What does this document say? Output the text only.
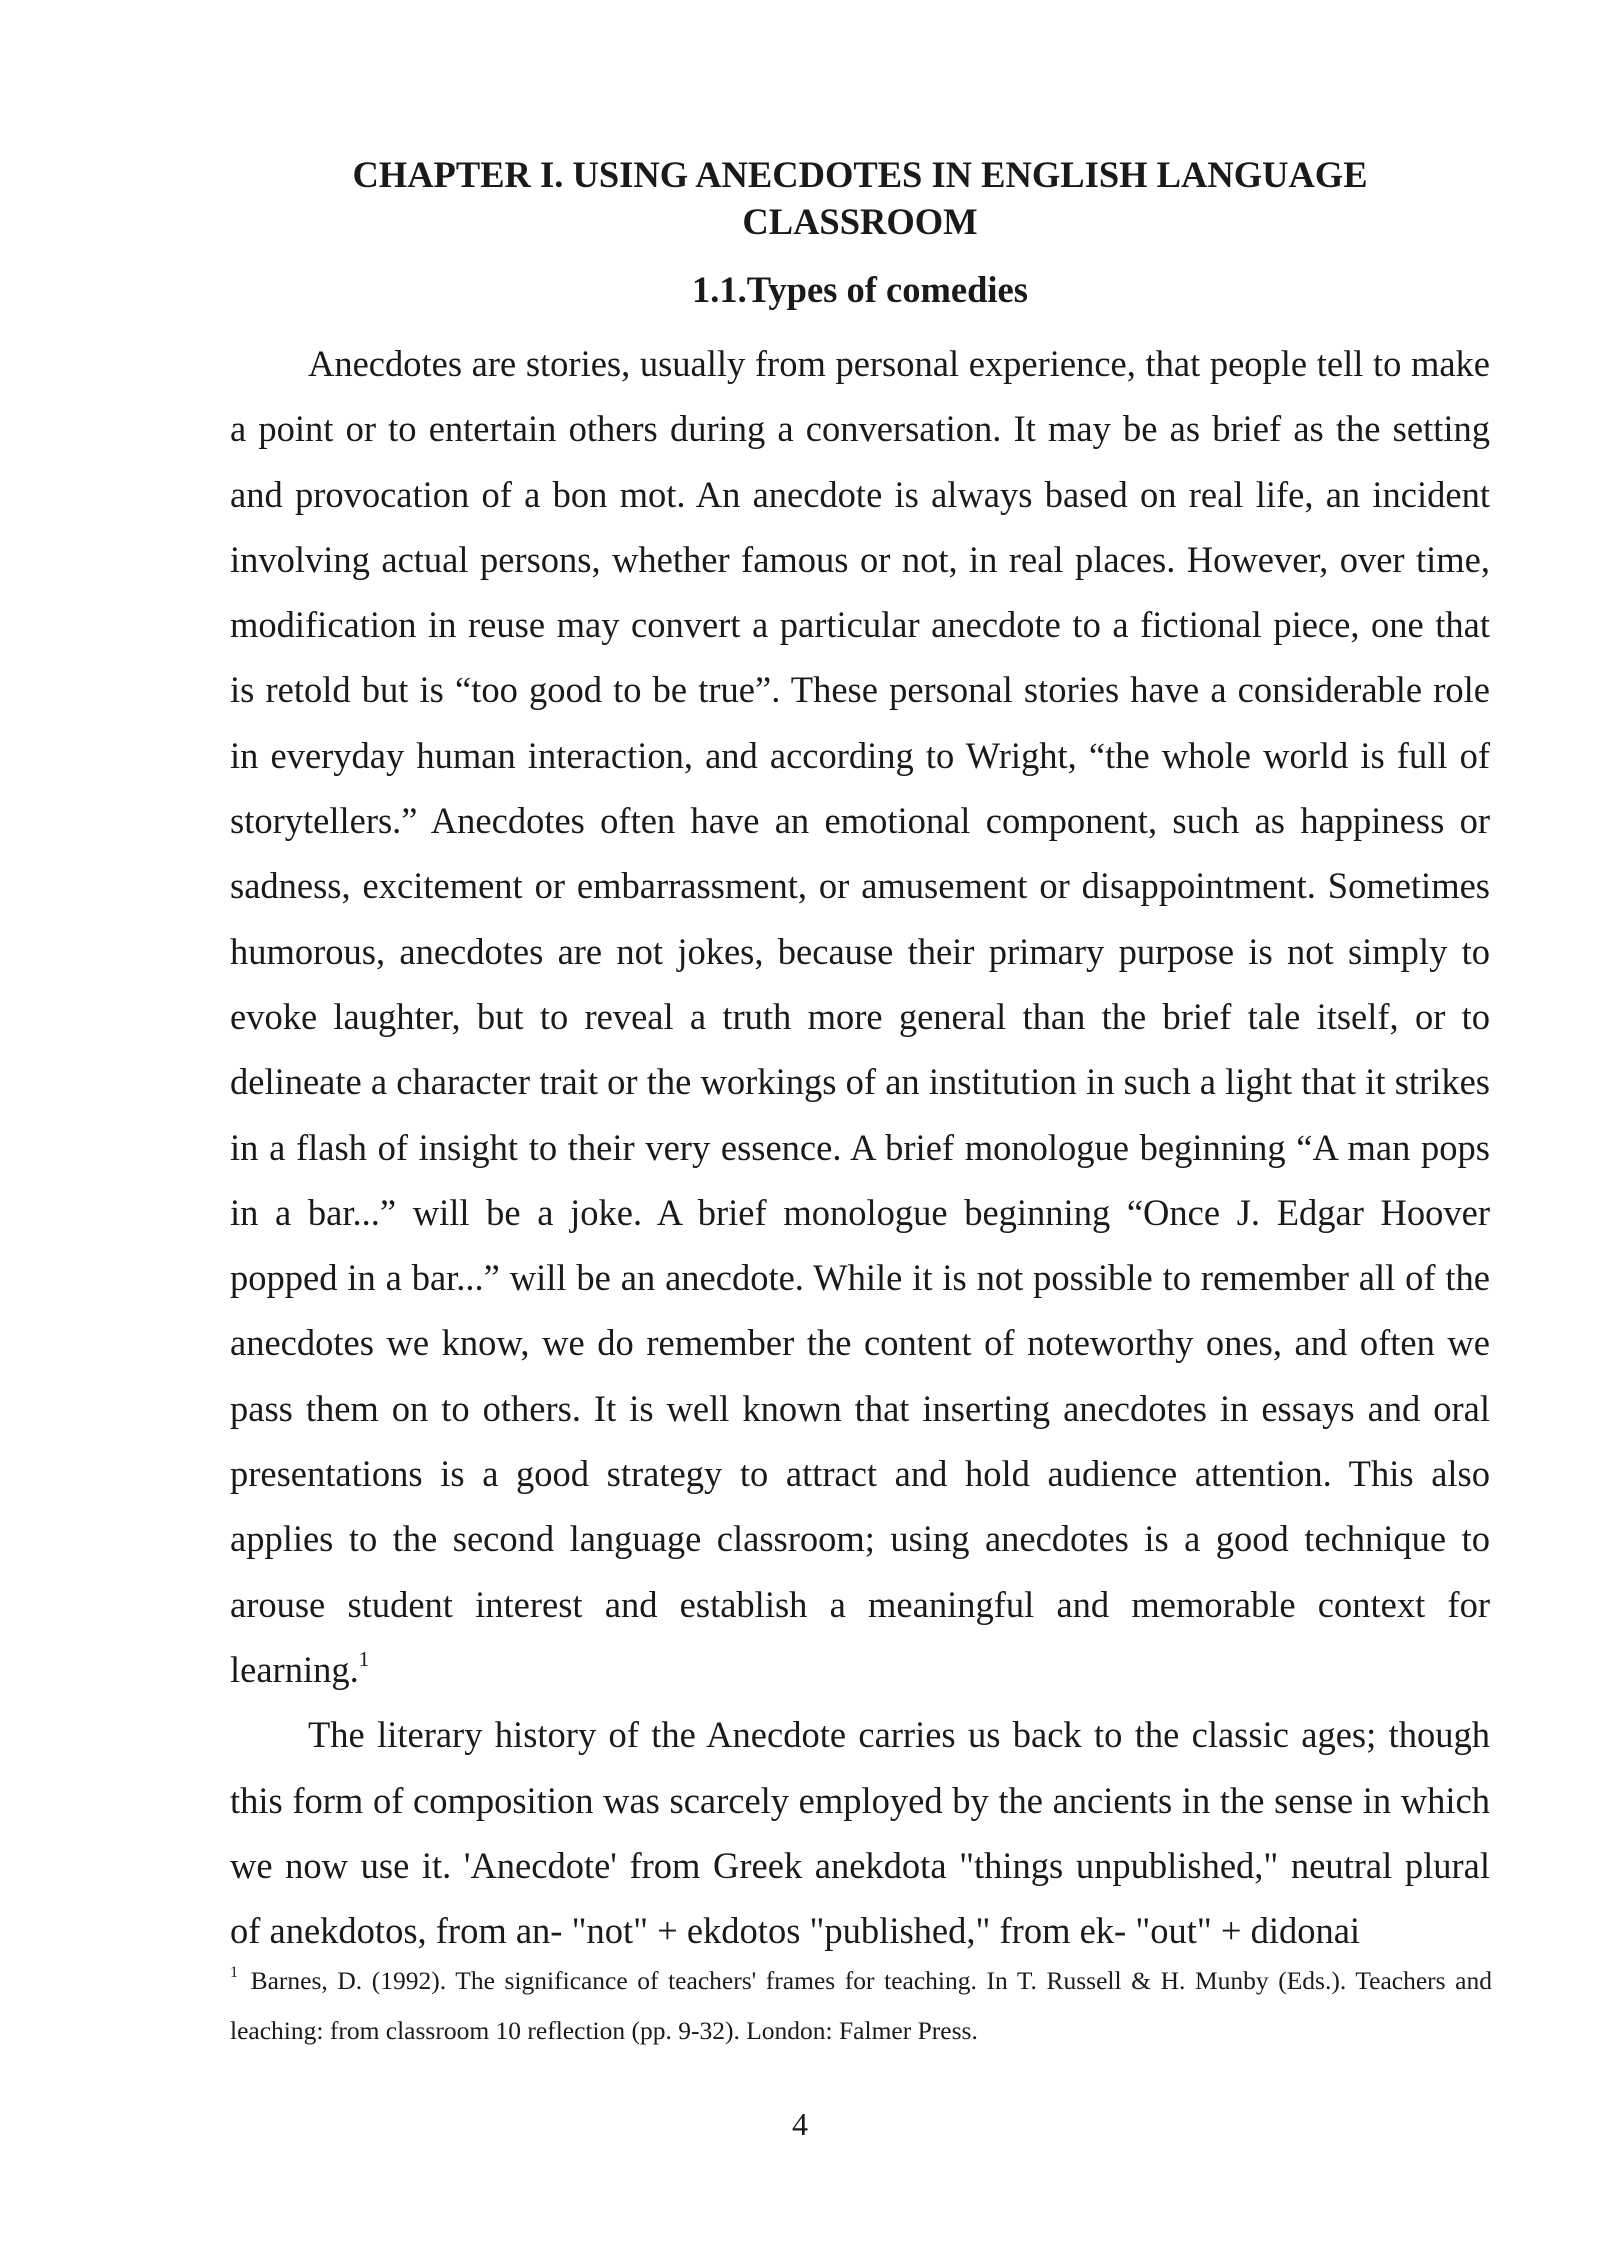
CHAPTER I. USING ANECDOTES IN ENGLISH LANGUAGE CLASSROOM
1.1.Types of comedies

Anecdotes are stories, usually from personal experience, that people tell to make a point or to entertain others during a conversation. It may be as brief as the setting and provocation of a bon mot. An anecdote is always based on real life, an incident involving actual persons, whether famous or not, in real places. However, over time, modification in reuse may convert a particular anecdote to a fictional piece, one that is retold but is “too good to be true”. These personal stories have a considerable role in everyday human interaction, and according to Wright, “the whole world is full of storytellers.” Anecdotes often have an emotional component, such as happiness or sadness, excitement or embarrassment, or amusement or disappointment. Sometimes humorous, anecdotes are not jokes, because their primary purpose is not simply to evoke laughter, but to reveal a truth more general than the brief tale itself, or to delineate a character trait or the workings of an institution in such a light that it strikes in a flash of insight to their very essence. A brief monologue beginning “A man pops in a bar...” will be a joke. A brief monologue beginning “Once J. Edgar Hoover popped in a bar...” will be an anecdote. While it is not possible to remember all of the anecdotes we know, we do remember the content of noteworthy ones, and often we pass them on to others. It is well known that inserting anecdotes in essays and oral presentations is a good strategy to attract and hold audience attention. This also applies to the second language classroom; using anecdotes is a good technique to arouse student interest and establish a meaningful and memorable context for learning.$^1$

The literary history of the Anecdote carries us back to the classic ages; though this form of composition was scarcely employed by the ancients in the sense in which we now use it. 'Anecdote' from Greek anekdota "things unpublished," neutral plural of anekdotos, from an- "not" + ekdotos "published," from ek- "out" + didonai

$^1$ Barnes, D. (1992). The significance of teachers' frames for teaching. In T. Russell & H. Munby (Eds.). Teachers and leaching: from classroom 10 reflection (pp. 9-32). London: Falmer Press.

4
